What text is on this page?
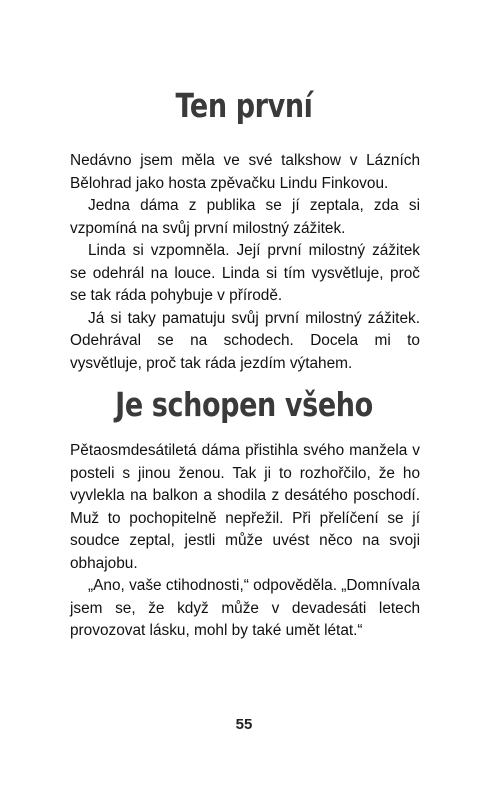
Ten první

Nedávno jsem měla ve své talkshow v Lázních Bělohrad jako hosta zpěvačku Lindu Finkovou.

Jedna dáma z publika se jí zeptala, zda si vzpomíná na svůj první milostný zážitek.

Linda si vzpomněla. Její první milostný zážitek se odehrál na louce. Linda si tím vysvětluje, proč se tak ráda pohybuje v přírodě.

Já si taky pamatuju svůj první milostný zážitek. Odehrával se na schodech. Docela mi to vysvětluje, proč tak ráda jezdím výtahem.

Je schopen všeho

Pětaosmdesátiletá dáma přistihla svého manžela v posteli s jinou ženou. Tak ji to rozhořčilo, že ho vyvlekla na balkon a shodila z desátého poschodí. Muž to pochopitelně nepřežil. Při přelíčení se jí soudce zeptal, jestli může uvést něco na svoji obhajobu.

„Ano, vaše ctihodnosti,“ odpověděla. „Domnívala jsem se, že když může v devadesáti letech provozovat lásku, mohl by také umět létat.“

55
